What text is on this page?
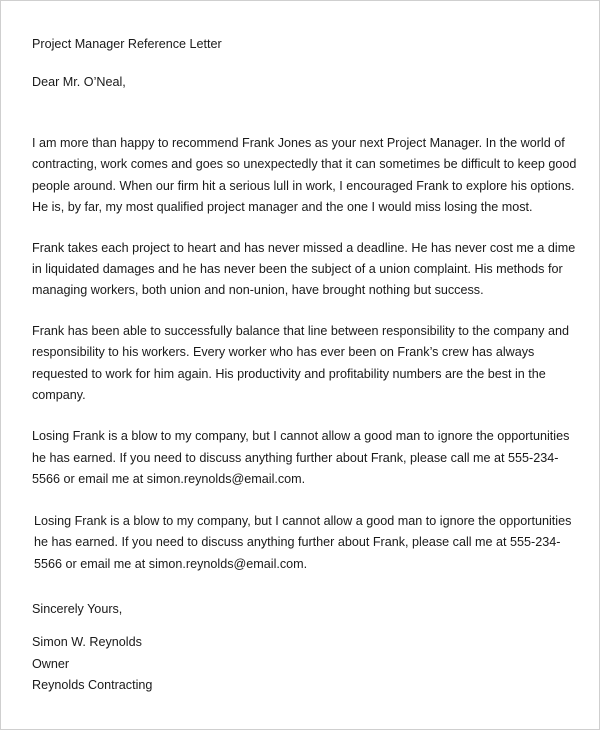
Project Manager Reference Letter

Dear Mr. O’Neal,

I am more than happy to recommend Frank Jones as your next Project Manager. In the world of contracting, work comes and goes so unexpectedly that it can sometimes be difficult to keep good people around. When our firm hit a serious lull in work, I encouraged Frank to explore his options. He is, by far, my most qualified project manager and the one I would miss losing the most.

Frank takes each project to heart and has never missed a deadline. He has never cost me a dime in liquidated damages and he has never been the subject of a union complaint. His methods for managing workers, both union and non-union, have brought nothing but success.

Frank has been able to successfully balance that line between responsibility to the company and responsibility to his workers. Every worker who has ever been on Frank’s crew has always requested to work for him again. His productivity and profitability numbers are the best in the company.

Losing Frank is a blow to my company, but I cannot allow a good man to ignore the opportunities he has earned. If you need to discuss anything further about Frank, please call me at 555-234-5566 or email me at simon.reynolds@email.com.

Losing Frank is a blow to my company, but I cannot allow a good man to ignore the opportunities he has earned. If you need to discuss anything further about Frank, please call me at 555-234-5566 or email me at simon.reynolds@email.com.

Sincerely Yours,

Simon W. Reynolds
Owner
Reynolds Contracting
